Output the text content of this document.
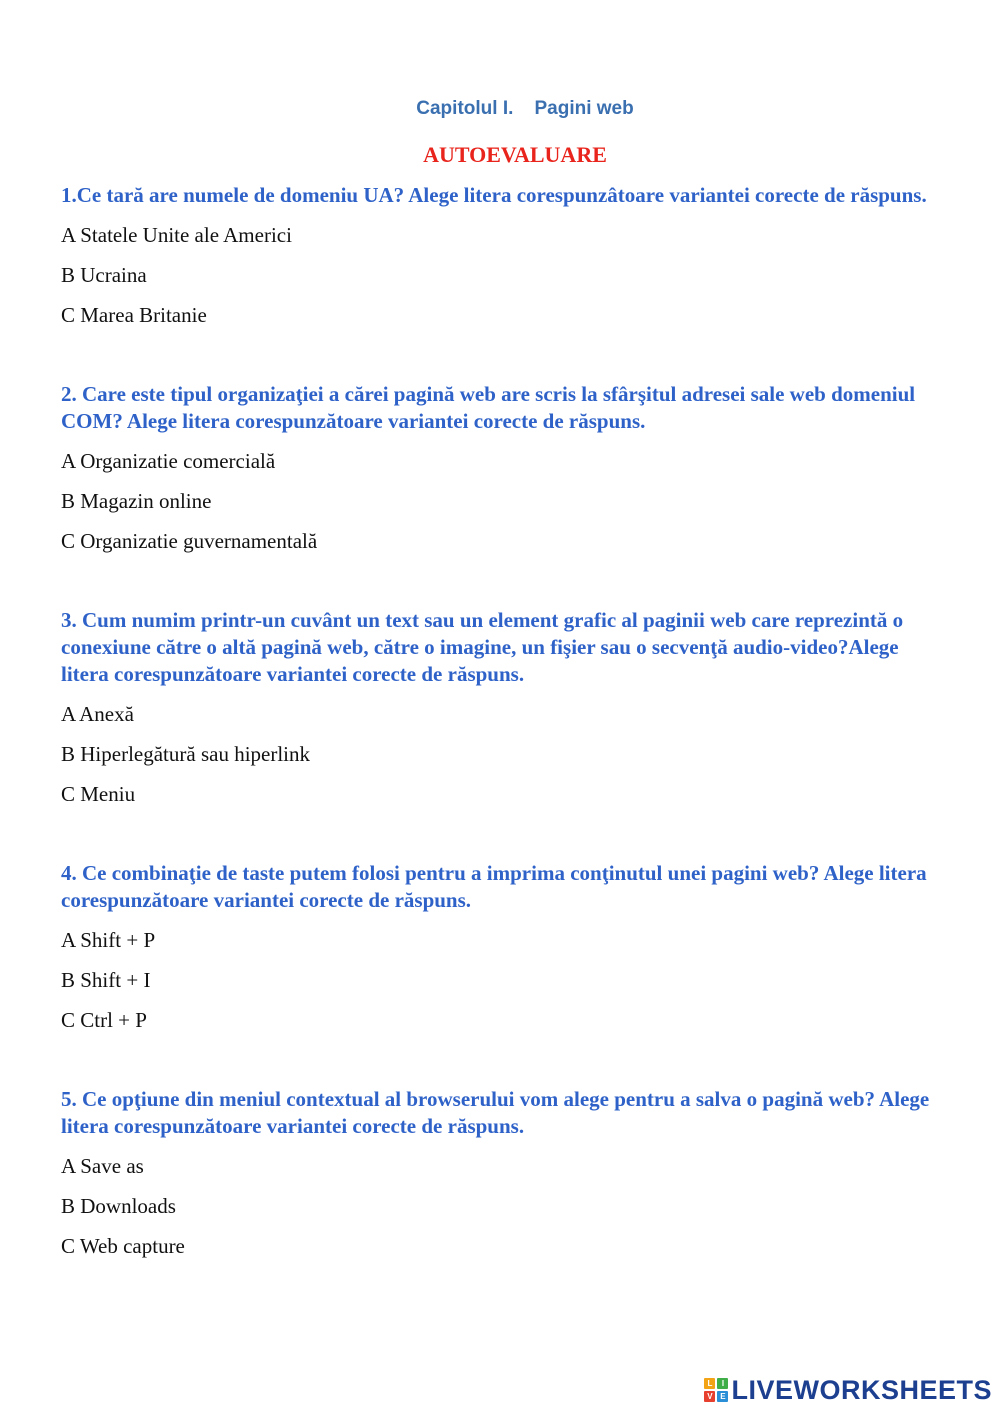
Capitolul I.    Pagini web
AUTOEVALUARE

1.Ce tară are numele de domeniu UA? Alege litera corespunzâtoare variantei corecte de răspuns.

A Statele Unite ale Americi

B Ucraina

C Marea Britanie

2. Care este tipul organizaţiei a cărei pagină web are scris la sfârşitul adresei sale web domeniul COM? Alege litera corespunzătoare variantei corecte de răspuns.

A Organizatie comercială

B Magazin online

C Organizatie guvernamentală

3. Cum numim printr-un cuvânt un text sau un element grafic al paginii web care reprezintă o conexiune către o altă pagină web, către o imagine, un fişier sau o secvenţă audio-video?Alege litera corespunzătoare variantei corecte de răspuns.

A Anexă

B Hiperlegătură sau hiperlink

C Meniu

4. Ce combinaţie de taste putem folosi pentru a imprima conţinutul unei pagini web? Alege litera corespunzătoare variantei corecte de răspuns.

A Shift + P

B Shift + I

C Ctrl + P

5. Ce opţiune din meniul contextual al browserului vom alege pentru a salva o pagină web? Alege litera corespunzătoare variantei corecte de răspuns.

A Save as

B Downloads

C Web capture

L	I
V E LIVEWORKSHEETS
